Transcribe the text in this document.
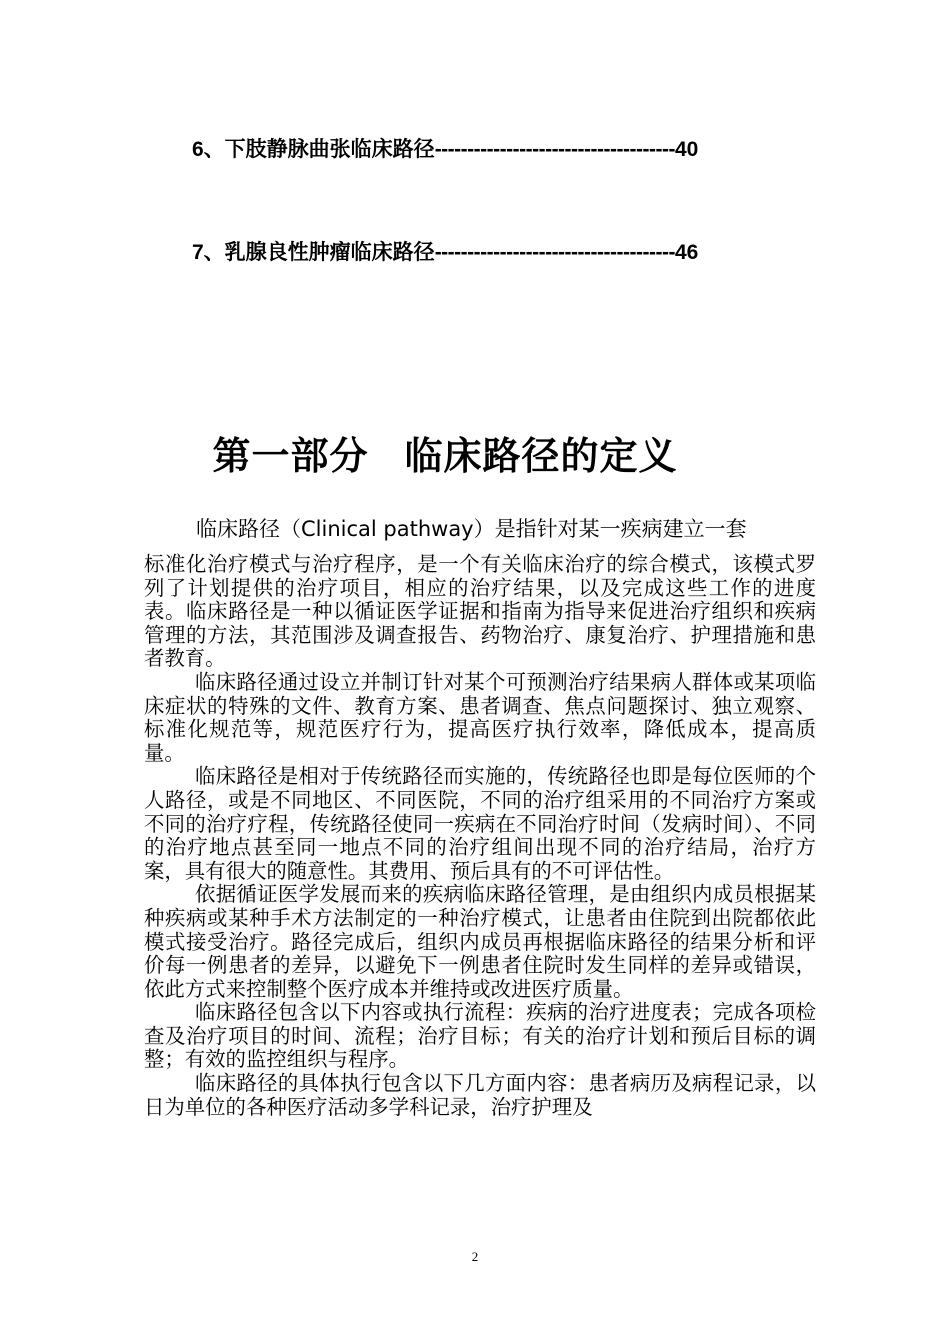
6、下肢静脉曲张临床路径-------------------------------------40
7、乳腺良性肿瘤临床路径-------------------------------------46
第一部分 临床路径的定义
临床路径（Clinical pathway）是指针对某一疾病建立一套

标准化治疗模式与治疗程序，是一个有关临床治疗的综合模式，该模式罗列了计划提供的治疗项目，相应的治疗结果，以及完成这些工作的进度表。临床路径是一种以循证医学证据和指南为指导来促进治疗组织和疾病管理的方法，其范围涉及调查报告、药物治疗、康复治疗、护理措施和患者教育。

临床路径通过设立并制订针对某个可预测治疗结果病人群体或某项临床症状的特殊的文件、教育方案、患者调查、焦点问题探讨、独立观察、标准化规范等，规范医疗行为，提高医疗执行效率，降低成本，提高质量。

临床路径是相对于传统路径而实施的，传统路径也即是每位医师的个人路径，或是不同地区、不同医院，不同的治疗组采用的不同治疗方案或不同的治疗疗程，传统路径使同一疾病在不同治疗时间（发病时间）、不同的治疗地点甚至同一地点不同的治疗组间出现不同的治疗结局，治疗方案，具有很大的随意性。其费用、预后具有的不可评估性。

依据循证医学发展而来的疾病临床路径管理，是由组织内成员根据某种疾病或某种手术方法制定的一种治疗模式，让患者由住院到出院都依此模式接受治疗。路径完成后，组织内成员再根据临床路径的结果分析和评价每一例患者的差异，以避免下一例患者住院时发生同样的差异或错误，依此方式来控制整个医疗成本并维持或改进医疗质量。

临床路径包含以下内容或执行流程：疾病的治疗进度表；完成各项检查及治疗项目的时间、流程；治疗目标；有关的治疗计划和预后目标的调整；有效的监控组织与程序。

临床路径的具体执行包含以下几方面内容：患者病历及病程记录，以日为单位的各种医疗活动多学科记录，治疗护理及

2
